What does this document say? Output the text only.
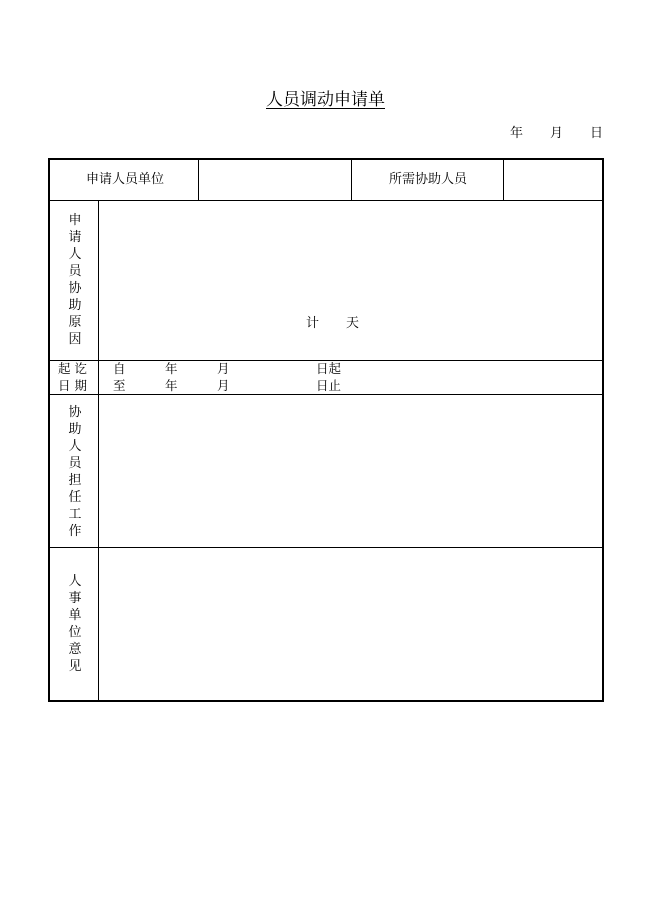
人员调动申请单
年 月 日
申请人员单位	所需协助人员
申请人员协助原因
计 天
起 讫
日 期
自	年	月	日起
至	年	月	日止
协助人员担任工作
人事单位意见
